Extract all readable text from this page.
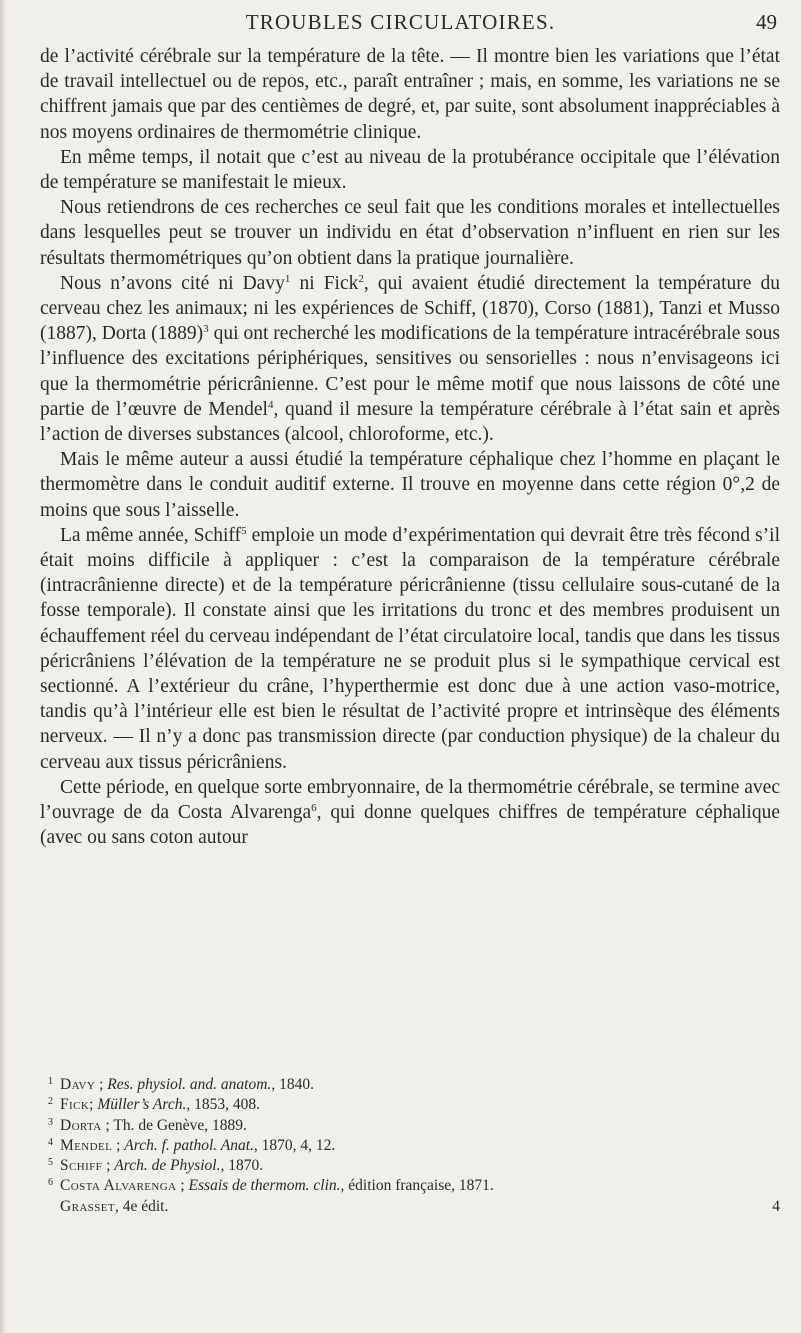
TROUBLES CIRCULATOIRES.	49

de l’activité cérébrale sur la température de la tête. — Il montre bien les variations que l’état de travail intellectuel ou de repos, etc., paraît entraîner ; mais, en somme, les variations ne se chiffrent jamais que par des centièmes de degré, et, par suite, sont absolument inappréciables à nos moyens ordinaires de thermométrie clinique.

En même temps, il notait que c’est au niveau de la protubérance occipitale que l’élévation de température se manifestait le mieux.

Nous retiendrons de ces recherches ce seul fait que les conditions morales et intellectuelles dans lesquelles peut se trouver un individu en état d’observation n’influent en rien sur les résultats thermométriques qu’on obtient dans la pratique journalière.

Nous n’avons cité ni Davy$^1$ ni Fick$^2$, qui avaient étudié directement la température du cerveau chez les animaux; ni les expériences de Schiff, (1870), Corso (1881), Tanzi et Musso (1887), Dorta $(1889)^3$ qui ont recherché les modifications de la température intracérébrale sous l’influence des excitations périphériques, sensitives ou sensorielles : nous n’envisageons ici que la thermométrie péricrânienne. C’est pour le même motif que nous laissons de côté une partie de l’œuvre de Mendel$^4$, quand il mesure la température cérébrale à l’état sain et après l’action de diverses substances (alcool, chloroforme, etc.).

Mais le même auteur a aussi étudié la température céphalique chez l’homme en plaçant le thermomètre dans le conduit auditif externe. Il trouve en moyenne dans cette région 0°,2 de moins que sous l’aisselle.

La même année, Schiff$^5$ emploie un mode d’expérimentation qui devrait être très fécond s’il était moins difficile à appliquer : c’est la comparaison de la température cérébrale (intracrânienne directe) et de la température péricrânienne (tissu cellulaire sous-cutané de la fosse temporale). Il constate ainsi que les irritations du tronc et des membres produisent un échauffement réel du cerveau indépendant de l’état circulatoire local, tandis que dans les tissus péricrâniens l’élévation de la température ne se produit plus si le sympathique cervical est sectionné. A l’extérieur du crâne, l’hyperthermie est donc due à une action vaso-motrice, tandis qu’à l’intérieur elle est bien le résultat de l’activité propre et intrinsèque des éléments nerveux. — Il n’y a donc pas transmission directe (par conduction physique) de la chaleur du cerveau aux tissus péricrâniens.

Cette période, en quelque sorte embryonnaire, de la thermométrie cérébrale, se termine avec l’ouvrage de da Costa Alvarenga$^6$, qui donne quelques chiffres de température céphalique (avec ou sans coton autour

1 Davy ; Res. physiol. and. anatom., 1840.
2 Fick; Müller’s Arch., 1853, 408.
3 Dorta ; Th. de Genève, 1889.
4 Mendel ; Arch. f. pathol. Anat., 1870, 4, 12.
5 Schiff ; Arch. de Physiol., 1870.
6 Costa Alvarenga ; Essais de thermom. clin., édition française, 1871.
Grasset, 4e édit.	4
